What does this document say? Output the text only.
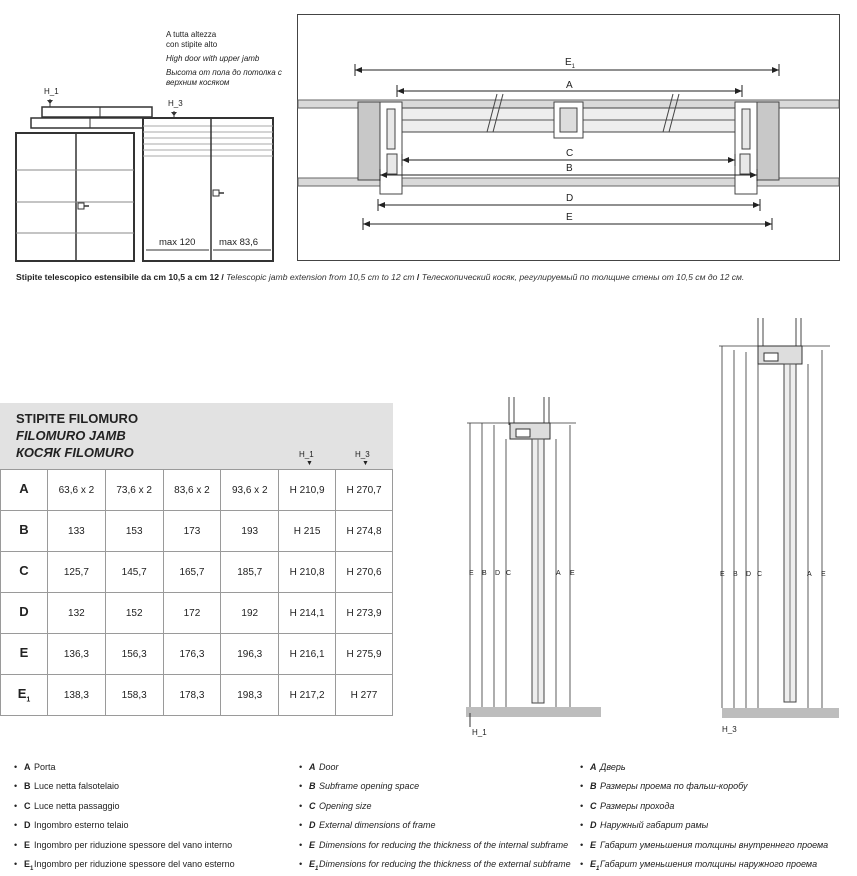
A tutta altezza
con stipite alto
High door with upper jamb
Высота от пола до потолка с
верхним косяком
H_1
H_3
max 120 max 83,6
$E_1$
A
C
B
D
E
Stipite telescopico estensibile da cm 10,5 a cm 12 / Telescopic jamb extension from 10,5 cm to 12 cm / Телескопический косяк, регулируемый по толщине стены от 10,5 см до 12 см.
STIPITE FILOMURO
FILOMURO JAMB
КОСЯК FILOMURO	H_1	H_3
▼	▼
A	63,6 x 2	73,6 x 2	83,6 x 2	93,6 x 2	H 210,9	H 270,7
B	133	153	173	193	H 215	H 274,8
C	125,7	145,7	165,7	185,7	H 210,8	H 270,6
D	132	152	172	192	H 214,1	H 273,9
E	136,3	156,3	176,3	196,3	H 216,1	H 275,9
$E_1$	138,3	158,3	178,3	198,3	H 217,2	H 277
E B D C	A E
H_1
E B D C	A E
H_3
• A Porta
• B Luce netta falsotelaio
• C Luce netta passaggio
• D Ingombro esterno telaio
• E Ingombro per riduzione spessore del vano interno
• $E_1Ingombro$ per riduzione spessore del vano esterno
• A Door
• B Subframe opening space
• C Opening size
• D External dimensions of frame
• E Dimensions for reducing the thickness of the internal subframe
• $E_1Dimensions$ for reducing the thickness of the external subframe
• A Дверь
• B Размеры проема по фальш-коробу
• C Размеры прохода
• D Наружный габарит рамы
• E Габарит уменьшения толщины внутреннего проема
• $E_1Габарит$ уменьшения толщины наружного проема
